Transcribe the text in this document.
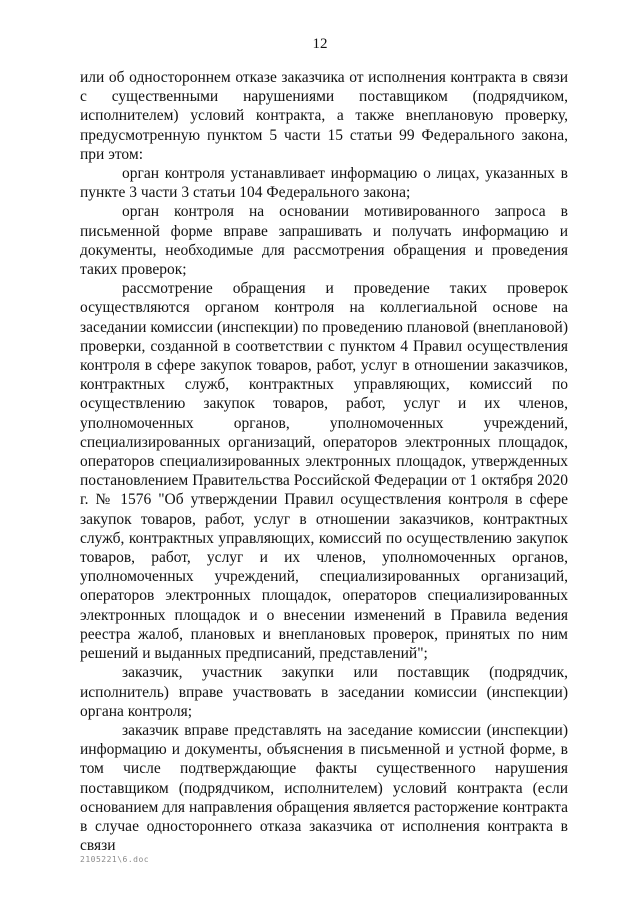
12

или об одностороннем отказе заказчика от исполнения контракта в связи с существенными нарушениями поставщиком (подрядчиком, исполнителем) условий контракта, а также внеплановую проверку, предусмотренную пунктом 5 части 15 статьи 99 Федерального закона, при этом:

орган контроля устанавливает информацию о лицах, указанных в пункте 3 части 3 статьи 104 Федерального закона;

орган контроля на основании мотивированного запроса в письменной форме вправе запрашивать и получать информацию и документы, необходимые для рассмотрения обращения и проведения таких проверок;

рассмотрение обращения и проведение таких проверок осуществляются органом контроля на коллегиальной основе на заседании комиссии (инспекции) по проведению плановой (внеплановой) проверки, созданной в соответствии с пунктом 4 Правил осуществления контроля в сфере закупок товаров, работ, услуг в отношении заказчиков, контрактных служб, контрактных управляющих, комиссий по осуществлению закупок товаров, работ, услуг и их членов, уполномоченных органов, уполномоченных учреждений, специализированных организаций, операторов электронных площадок, операторов специализированных электронных площадок, утвержденных постановлением Правительства Российской Федерации от 1 октября 2020 г. № 1576 "Об утверждении Правил осуществления контроля в сфере закупок товаров, работ, услуг в отношении заказчиков, контрактных служб, контрактных управляющих, комиссий по осуществлению закупок товаров, работ, услуг и их членов, уполномоченных органов, уполномоченных учреждений, специализированных организаций, операторов электронных площадок, операторов специализированных электронных площадок и о внесении изменений в Правила ведения реестра жалоб, плановых и внеплановых проверок, принятых по ним решений и выданных предписаний, представлений";

заказчик, участник закупки или поставщик (подрядчик, исполнитель) вправе участвовать в заседании комиссии (инспекции) органа контроля;

заказчик вправе представлять на заседание комиссии (инспекции) информацию и документы, объяснения в письменной и устной форме, в том числе подтверждающие факты существенного нарушения поставщиком (подрядчиком, исполнителем) условий контракта (если основанием для направления обращения является расторжение контракта в случае одностороннего отказа заказчика от исполнения контракта в связи

2105221\6.doc
